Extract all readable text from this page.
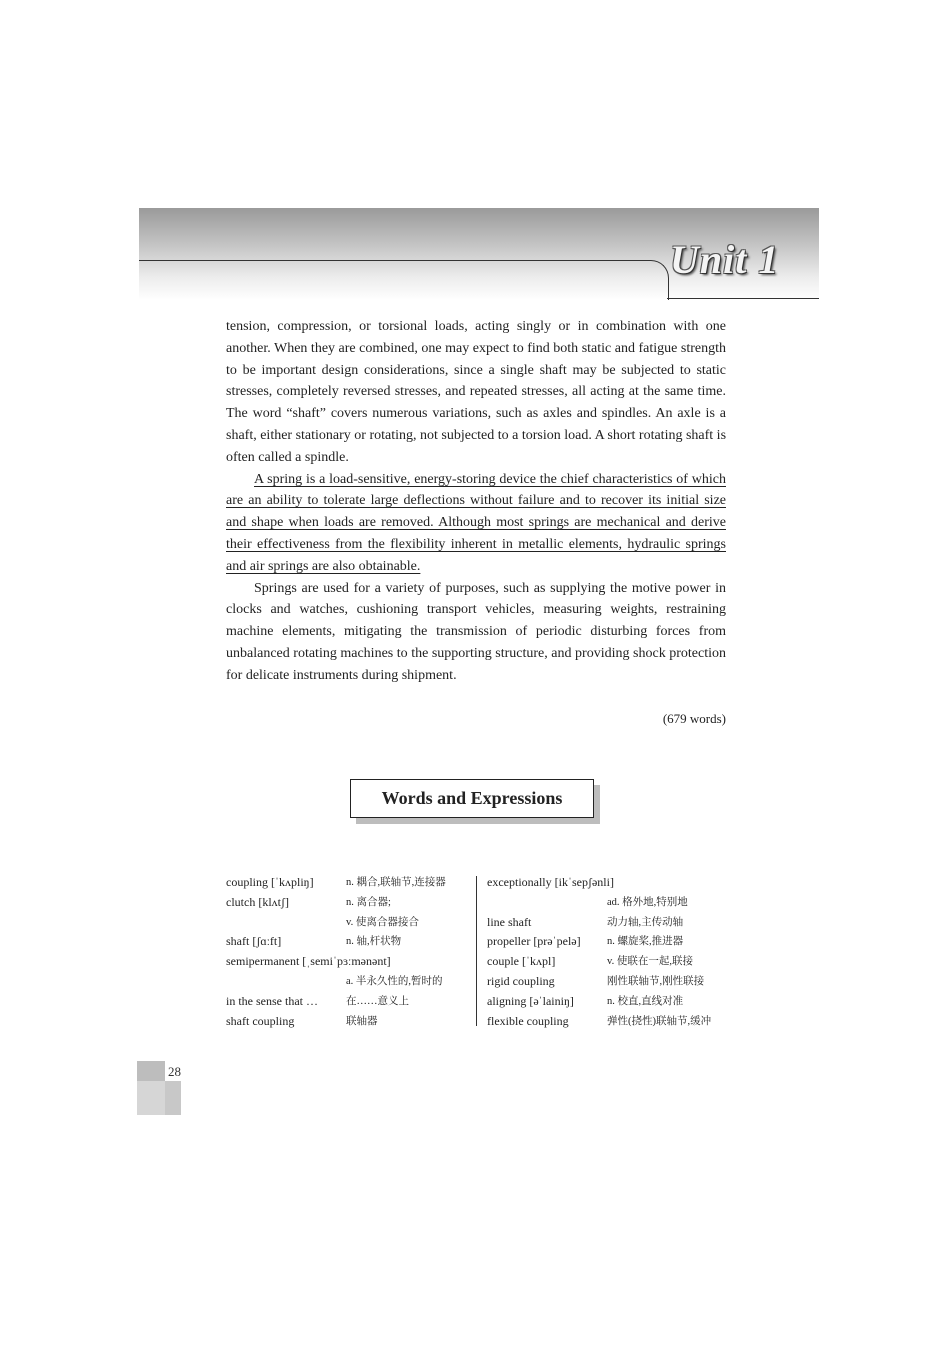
Unit 1

tension, compression, or torsional loads, acting singly or in combination with one another. When they are combined, one may expect to find both static and fatigue strength to be important design considerations, since a single shaft may be subjected to static stresses, completely reversed stresses, and repeated stresses, all acting at the same time. The word “shaft” covers numerous variations, such as axles and spindles. An axle is a shaft, either stationary or rotating, not subjected to a torsion load. A short rotating shaft is often called a spindle.

A spring is a load-sensitive, energy-storing device the chief characteristics of which are an ability to tolerate large deflections without failure and to recover its initial size and shape when loads are removed. Although most springs are mechanical and derive their effectiveness from the flexibility inherent in metallic elements, hydraulic springs and air springs are also obtainable.

Springs are used for a variety of purposes, such as supplying the motive power in clocks and watches, cushioning transport vehicles, measuring weights, restraining machine elements, mitigating the transmission of periodic disturbing forces from unbalanced rotating machines to the supporting structure, and providing shock protection for delicate instruments during shipment.

(679 words)
Words and Expressions
coupling [ˈkʌpliŋ]	n. 耦合,联轴节,连接器
clutch [klʌtʃ]	n. 离合器;
v. 使离合器接合
shaft [ʃɑːft]	n. 轴,杆状物
semipermanent [ˌsemiˈpɜːmənənt]
a. 半永久性的,暂时的
in the sense that …	在……意义上
shaft coupling	联轴器
exceptionally [ikˈsepʃənli]
ad. 格外地,特别地
line shaft	动力轴,主传动轴
propeller [prəˈpelə]	n. 螺旋桨,推进器
couple [ˈkʌpl]	v. 使联在一起,联接
rigid coupling	刚性联轴节,刚性联接
aligning [əˈlainiŋ]	n. 校直,直线对准
flexible coupling	弹性(挠性)联轴节,缓冲
28
